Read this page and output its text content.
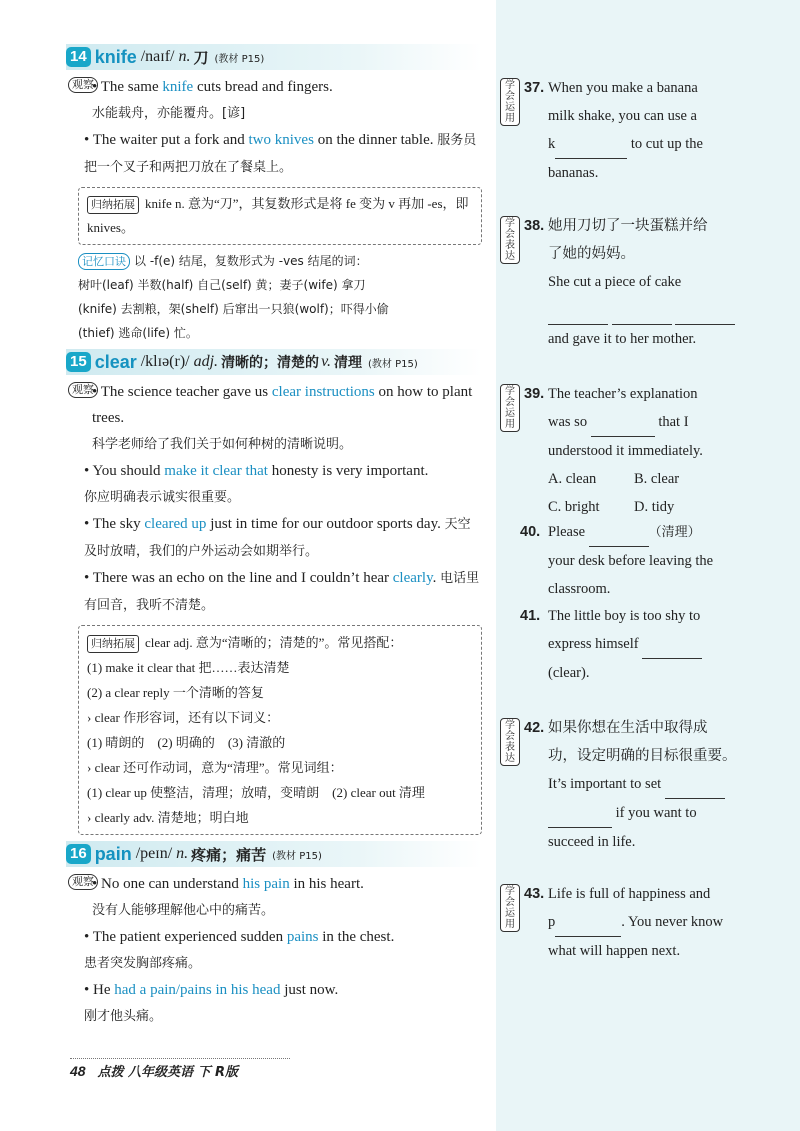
14 knife /naɪf/ n. 刀 (教材 P15)
观察
• The same knife cuts bread and fingers.
水能载舟，亦能覆舟。[谚]
• The waiter put a fork and two knives on the dinner table. 服务员把一个叉子和两把刀放在了餐桌上。
归纳拓展 knife n. 意为“刀”，其复数形式是将 fe 变为 v 再加 -es，即 knives。
记忆口诀 以 -f(e) 结尾，复数形式为 -ves 结尾的词：
树叶(leaf) 半数(half) 自己(self) 黄；妻子(wife) 拿刀
(knife) 去割粮，架(shelf) 后窜出一只狼(wolf)；吓得小偷
(thief) 逃命(life) 忙。
15 clear /klɪə(r)/ adj. 清晰的；清楚的 v. 清理 (教材 P15)
观察
• The science teacher gave us clear instructions on how to plant trees.
科学老师给了我们关于如何种树的清晰说明。
• You should make it clear that honesty is very important.
你应明确表示诚实很重要。
• The sky cleared up just in time for our outdoor sports day. 天空及时放晴，我们的户外运动会如期举行。
• There was an echo on the line and I couldn’t hear clearly. 电话里有回音，我听不清楚。
归纳拓展 clear adj. 意为“清晰的；清楚的”。常见搭配：
(1) make it clear that 把……表达清楚
(2) a clear reply 一个清晰的答复
› clear 作形容词，还有以下词义：
(1) 晴朗的　(2) 明确的　(3) 清澈的
› clear 还可作动词，意为“清理”。常见词组：
(1) clear up 使整洁，清理；放晴，变晴朗　(2) clear out 清理
› clearly adv. 清楚地；明白地
16 pain /peɪn/ n. 疼痛；痛苦 (教材 P15)
观察
• No one can understand his pain in his heart.
没有人能够理解他心中的痛苦。
• The patient experienced sudden pains in the chest.
患者突发胸部疼痛。
• He had a pain/pains in his head just now.
刚才他头痛。
学会运用
37. When you make a banana
milk shake, you can use a
k	to cut up the
bananas.
学会表达
38. 她用刀切了一块蛋糕并给
了她的妈妈。
She cut a piece of cake

and gave it to her mother.
学会运用
39. The teacher’s explanation
was so	that I
understood it immediately.

A. clean	B. clear
C. bright	D. tidy
40. Please	（清理）
your desk before leaving the
classroom.
41. The little boy is too shy to
express himself
(clear).
学会表达
42. 如果你想在生活中取得成
功，设定明确的目标很重要。
It’s important to set
if you want to
succeed in life.
学会运用
43. Life is full of happiness and
p	. You never know
what will happen next.
48 点拨 八年级英语 下 R版
